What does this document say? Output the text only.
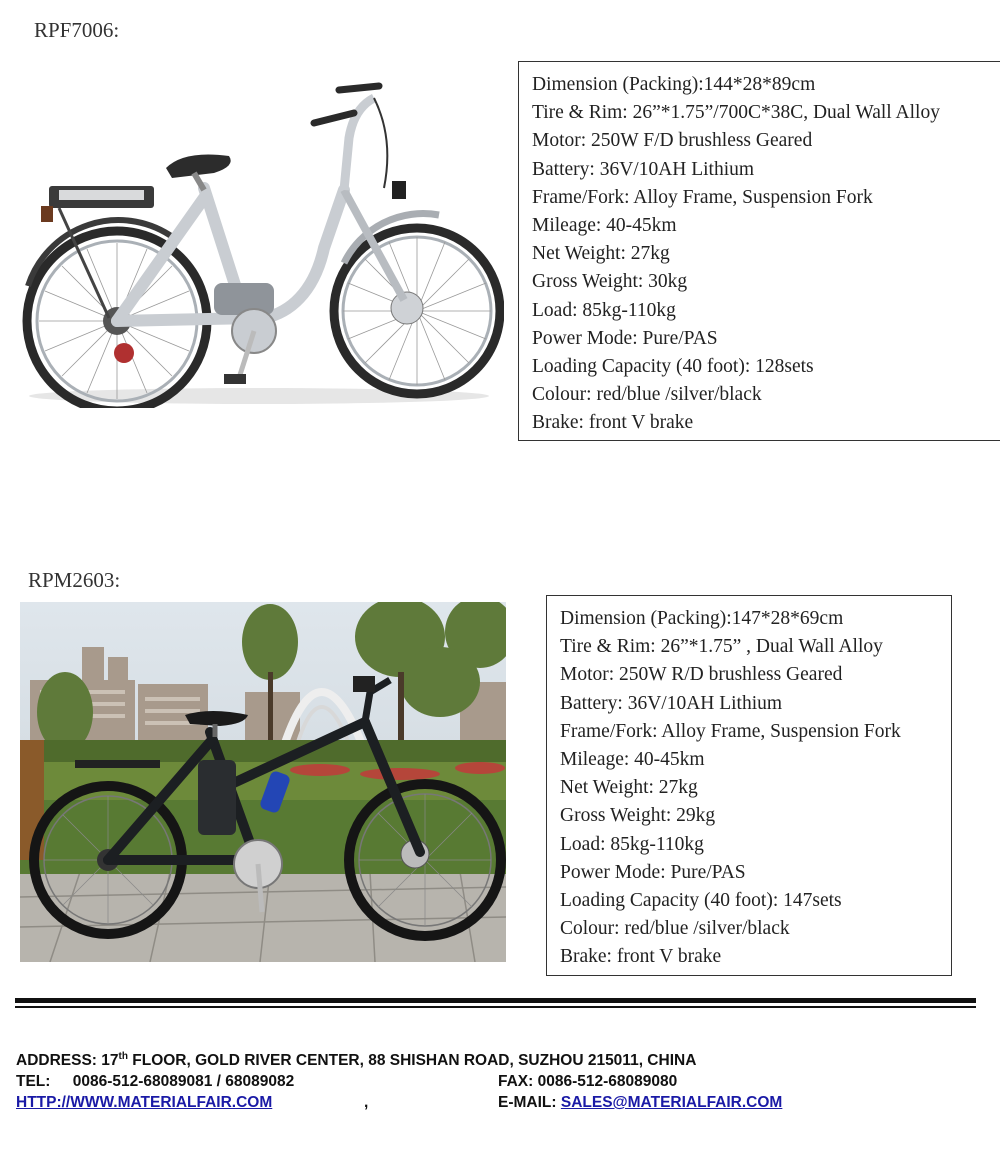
RPF7006:
Dimension (Packing):144*28*89cm
Tire & Rim: 26”*1.75”/700C*38C, Dual Wall Alloy
Motor: 250W F/D brushless Geared
Battery: 36V/10AH Lithium
Frame/Fork: Alloy Frame, Suspension Fork
Mileage: 40-45km
Net Weight: 27kg
Gross Weight: 30kg
Load: 85kg-110kg
Power Mode: Pure/PAS
Loading Capacity (40 foot): 128sets
Colour: red/blue /silver/black
Brake: front V brake
RPM2603:
Dimension (Packing):147*28*69cm
Tire & Rim: 26”*1.75” , Dual Wall Alloy
Motor: 250W R/D brushless Geared
Battery: 36V/10AH Lithium
Frame/Fork: Alloy Frame, Suspension Fork
Mileage: 40-45km
Net Weight: 27kg
Gross Weight: 29kg
Load: 85kg-110kg
Power Mode: Pure/PAS
Loading Capacity (40 foot): 147sets
Colour: red/blue /silver/black
Brake: front V brake
ADDRESS: 17th FLOOR, GOLD RIVER CENTER, 88 SHISHAN ROAD, SUZHOU 215011, CHINA
TEL: 0086-512-68089081 / 68089082	FAX: 0086-512-68089080
HTTP://WWW.MATERIALFAIR.COM	,	E-MAIL: SALES@MATERIALFAIR.COM
